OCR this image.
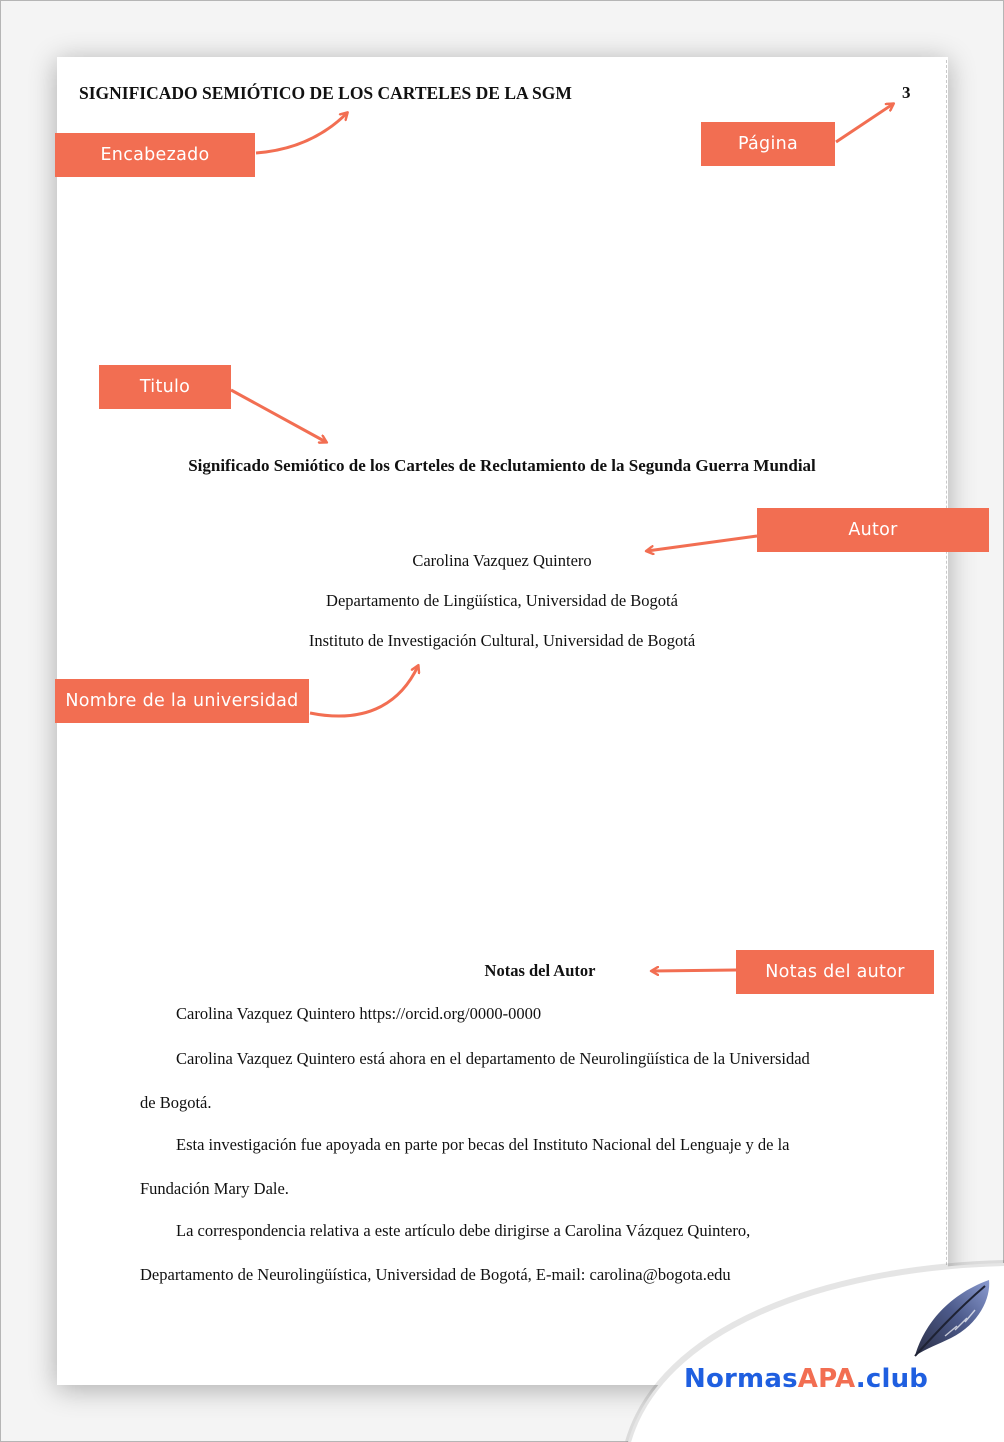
SIGNIFICADO SEMIÓTICO DE LOS CARTELES DE LA SGM	3
Significado Semiótico de los Carteles de Reclutamiento de la Segunda Guerra Mundial
Carolina Vazquez Quintero
Departamento de Lingüística, Universidad de Bogotá
Instituto de Investigación Cultural, Universidad de Bogotá
Notas del Autor
Carolina Vazquez Quintero https://orcid.org/0000-0000
Carolina Vazquez Quintero está ahora en el departamento de Neurolingüística de la Universidad
de Bogotá.
Esta investigación fue apoyada en parte por becas del Instituto Nacional del Lenguaje y de la
Fundación Mary Dale.
La correspondencia relativa a este artículo debe dirigirse a Carolina Vázquez Quintero,
Departamento de Neurolingüística, Universidad de Bogotá, E-mail: carolina@bogota.edu
Encabezado
Página
Titulo
Autor
Nombre de la universidad
Notas del autor
NormasAPA.club
